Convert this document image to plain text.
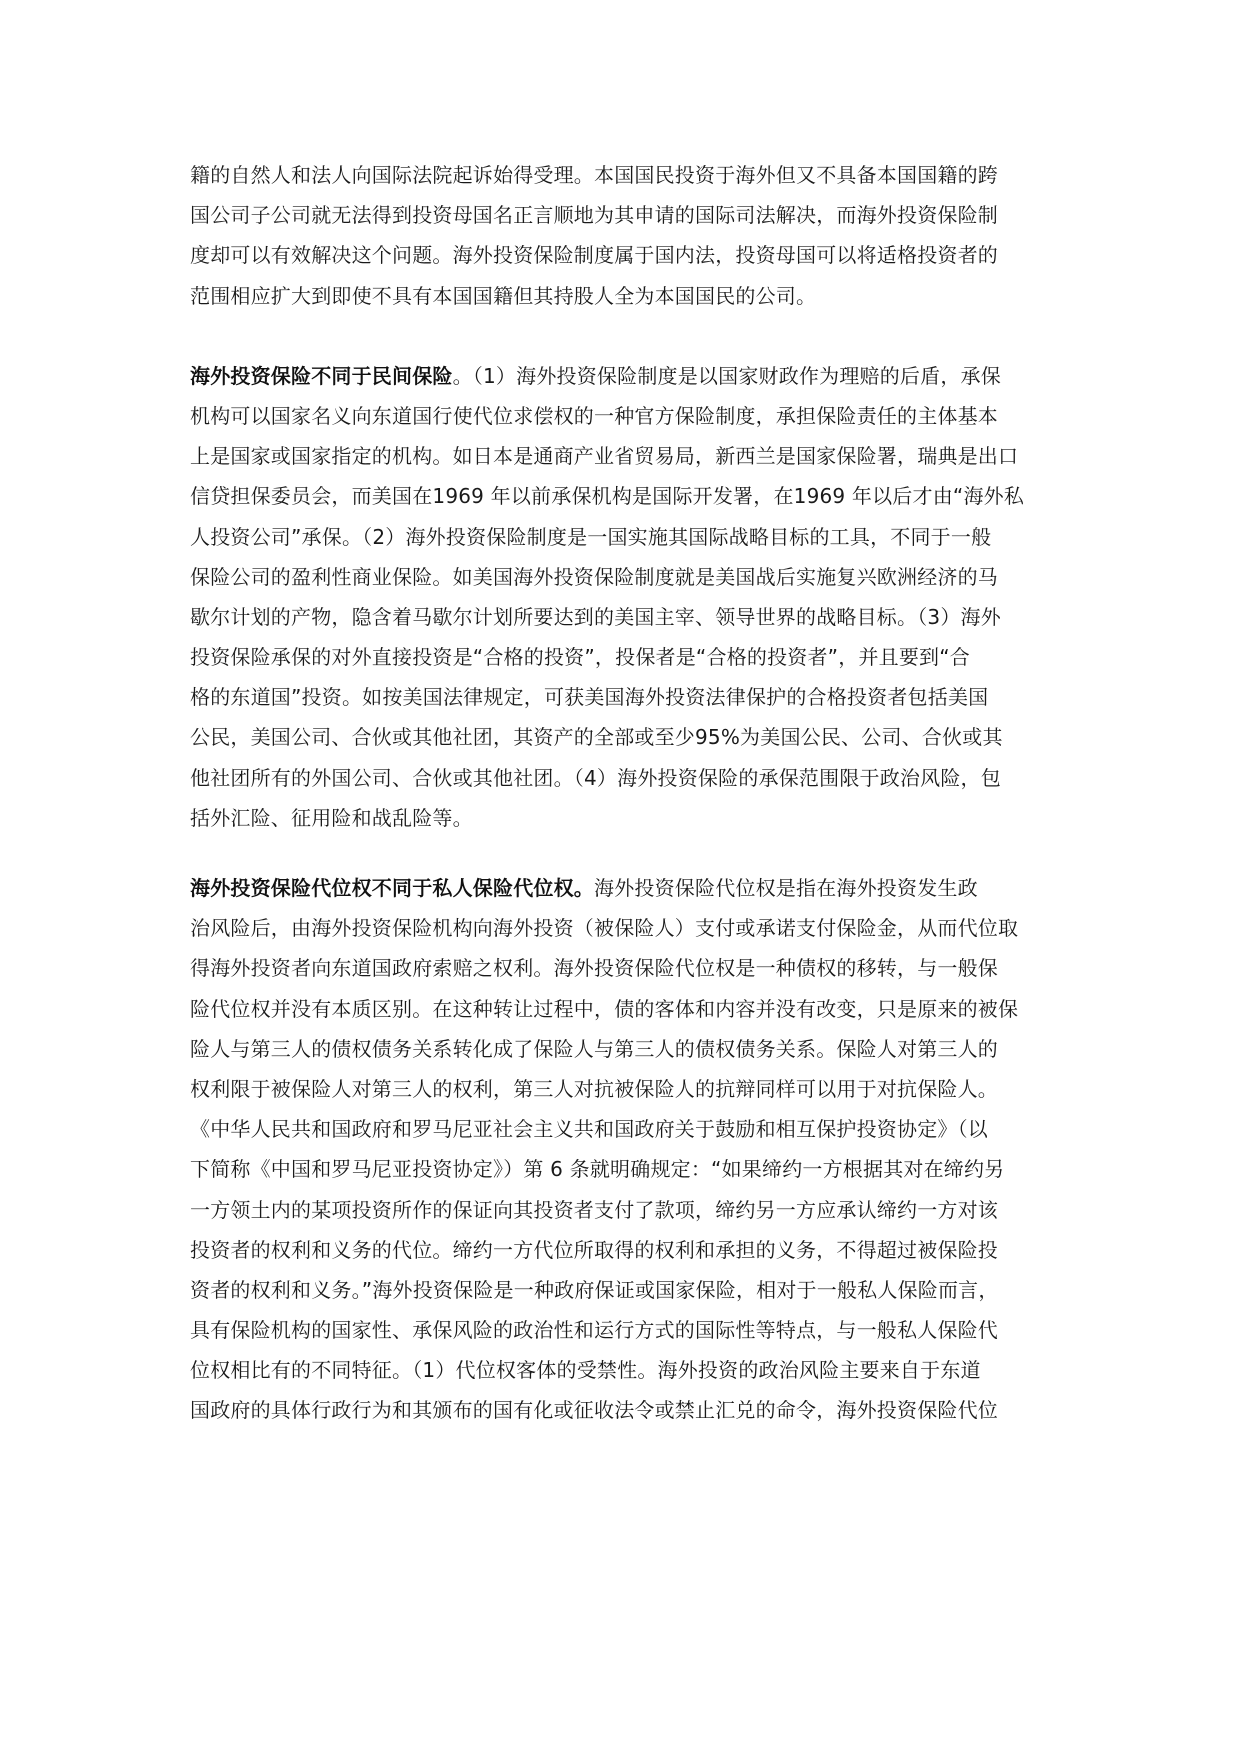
籍的自然人和法人向国际法院起诉始得受理。本国国民投资于海外但又不具备本国国籍的跨
国公司子公司就无法得到投资母国名正言顺地为其申请的国际司法解决，而海外投资保险制
度却可以有效解决这个问题。海外投资保险制度属于国内法，投资母国可以将适格投资者的
范围相应扩大到即使不具有本国国籍但其持股人全为本国国民的公司。
海外投资保险不同于民间保险。（1）海外投资保险制度是以国家财政作为理赔的后盾，承保
机构可以国家名义向东道国行使代位求偿权的一种官方保险制度，承担保险责任的主体基本
上是国家或国家指定的机构。如日本是通商产业省贸易局，新西兰是国家保险署，瑞典是出口
信贷担保委员会，而美国在1969 年以前承保机构是国际开发署，在1969 年以后才由“海外私
人投资公司”承保。（2）海外投资保险制度是一国实施其国际战略目标的工具，不同于一般
保险公司的盈利性商业保险。如美国海外投资保险制度就是美国战后实施复兴欧洲经济的马
歇尔计划的产物，隐含着马歇尔计划所要达到的美国主宰、领导世界的战略目标。（3）海外
投资保险承保的对外直接投资是“合格的投资”，投保者是“合格的投资者”，并且要到“合
格的东道国”投资。如按美国法律规定，可获美国海外投资法律保护的合格投资者包括美国
公民，美国公司、合伙或其他社团，其资产的全部或至少95%为美国公民、公司、合伙或其
他社团所有的外国公司、合伙或其他社团。（4）海外投资保险的承保范围限于政治风险，包
括外汇险、征用险和战乱险等。
海外投资保险代位权不同于私人保险代位权。海外投资保险代位权是指在海外投资发生政
治风险后，由海外投资保险机构向海外投资（被保险人）支付或承诺支付保险金，从而代位取
得海外投资者向东道国政府索赔之权利。海外投资保险代位权是一种债权的移转，与一般保
险代位权并没有本质区别。在这种转让过程中，债的客体和内容并没有改变，只是原来的被保
险人与第三人的债权债务关系转化成了保险人与第三人的债权债务关系。保险人对第三人的
权利限于被保险人对第三人的权利，第三人对抗被保险人的抗辩同样可以用于对抗保险人。
《中华人民共和国政府和罗马尼亚社会主义共和国政府关于鼓励和相互保护投资协定》（以
下简称《中国和罗马尼亚投资协定》）第 6 条就明确规定：“如果缔约一方根据其对在缔约另
一方领土内的某项投资所作的保证向其投资者支付了款项，缔约另一方应承认缔约一方对该
投资者的权利和义务的代位。缔约一方代位所取得的权利和承担的义务，不得超过被保险投
资者的权利和义务。”海外投资保险是一种政府保证或国家保险，相对于一般私人保险而言，
具有保险机构的国家性、承保风险的政治性和运行方式的国际性等特点，与一般私人保险代
位权相比有的不同特征。（1）代位权客体的受禁性。海外投资的政治风险主要来自于东道
国政府的具体行政行为和其颁布的国有化或征收法令或禁止汇兑的命令，海外投资保险代位
